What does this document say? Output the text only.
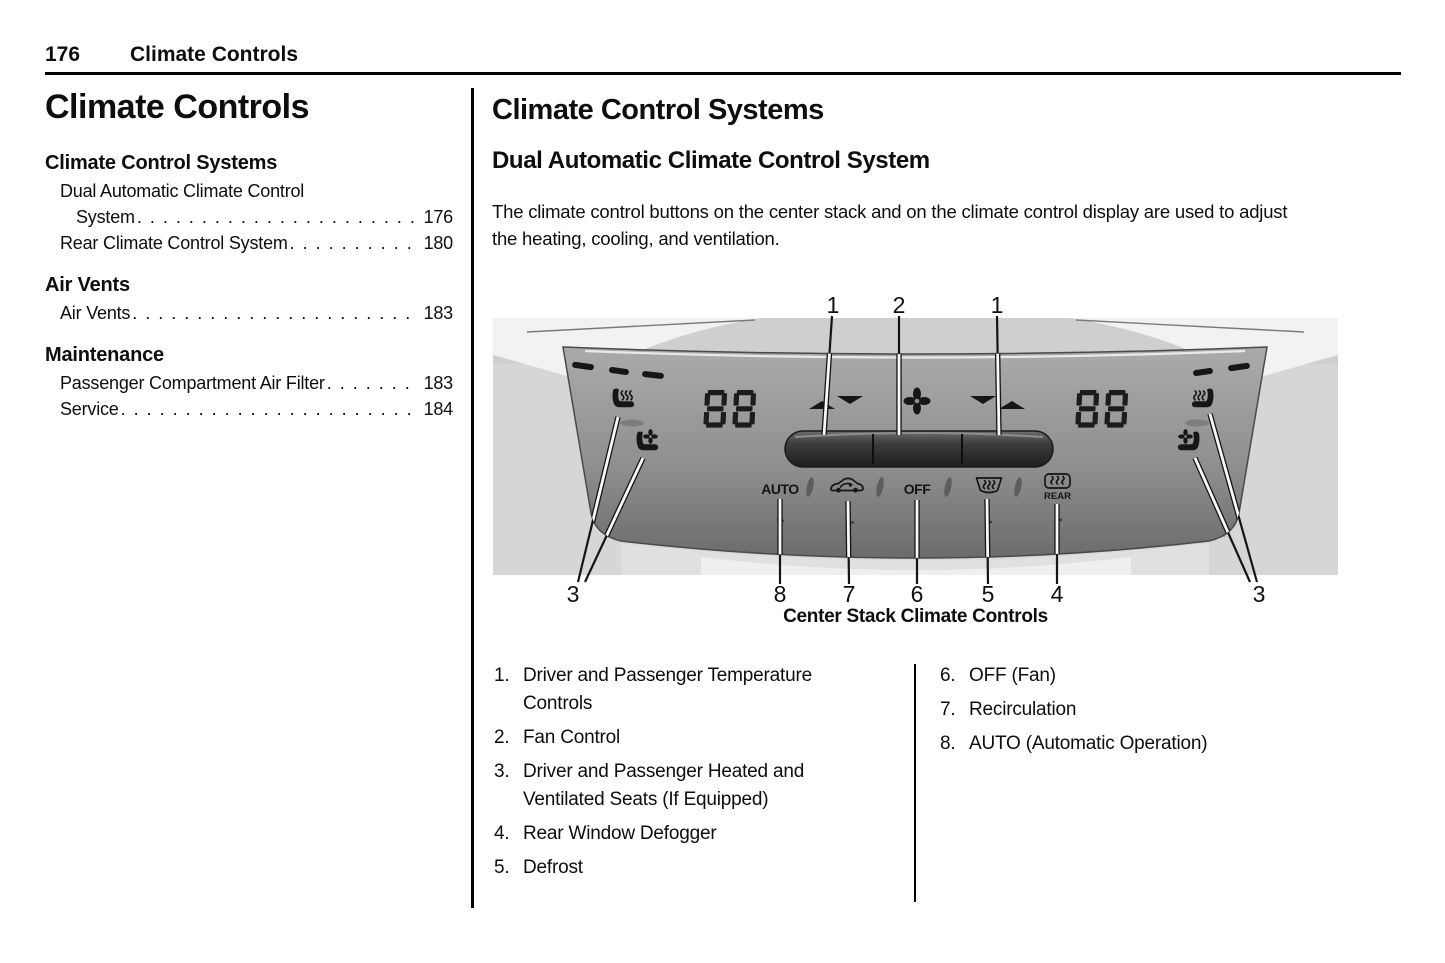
176 Climate Controls
Climate Controls
Climate Control Systems
Dual Automatic Climate Control
System . . .	176
Rear Climate Control System . . .	180
Air Vents
Air Vents . . .	183
Maintenance
Passenger Compartment Air Filter . . .	183
Service . . .	184
Climate Control Systems
Dual Automatic Climate Control System
The climate control buttons on the center stack and on the climate control display are used to adjust the heating, cooling, and ventilation.
AUTO	OFF	REAR
1 2	1
3	8 7 6	5 4	3
Center Stack Climate Controls
1. Driver and Passenger Temperature Controls
2. Fan Control
3. Driver and Passenger Heated and Ventilated Seats (If Equipped)
4. Rear Window Defogger
5. Defrost
6. OFF (Fan)
7. Recirculation
8. AUTO (Automatic Operation)
